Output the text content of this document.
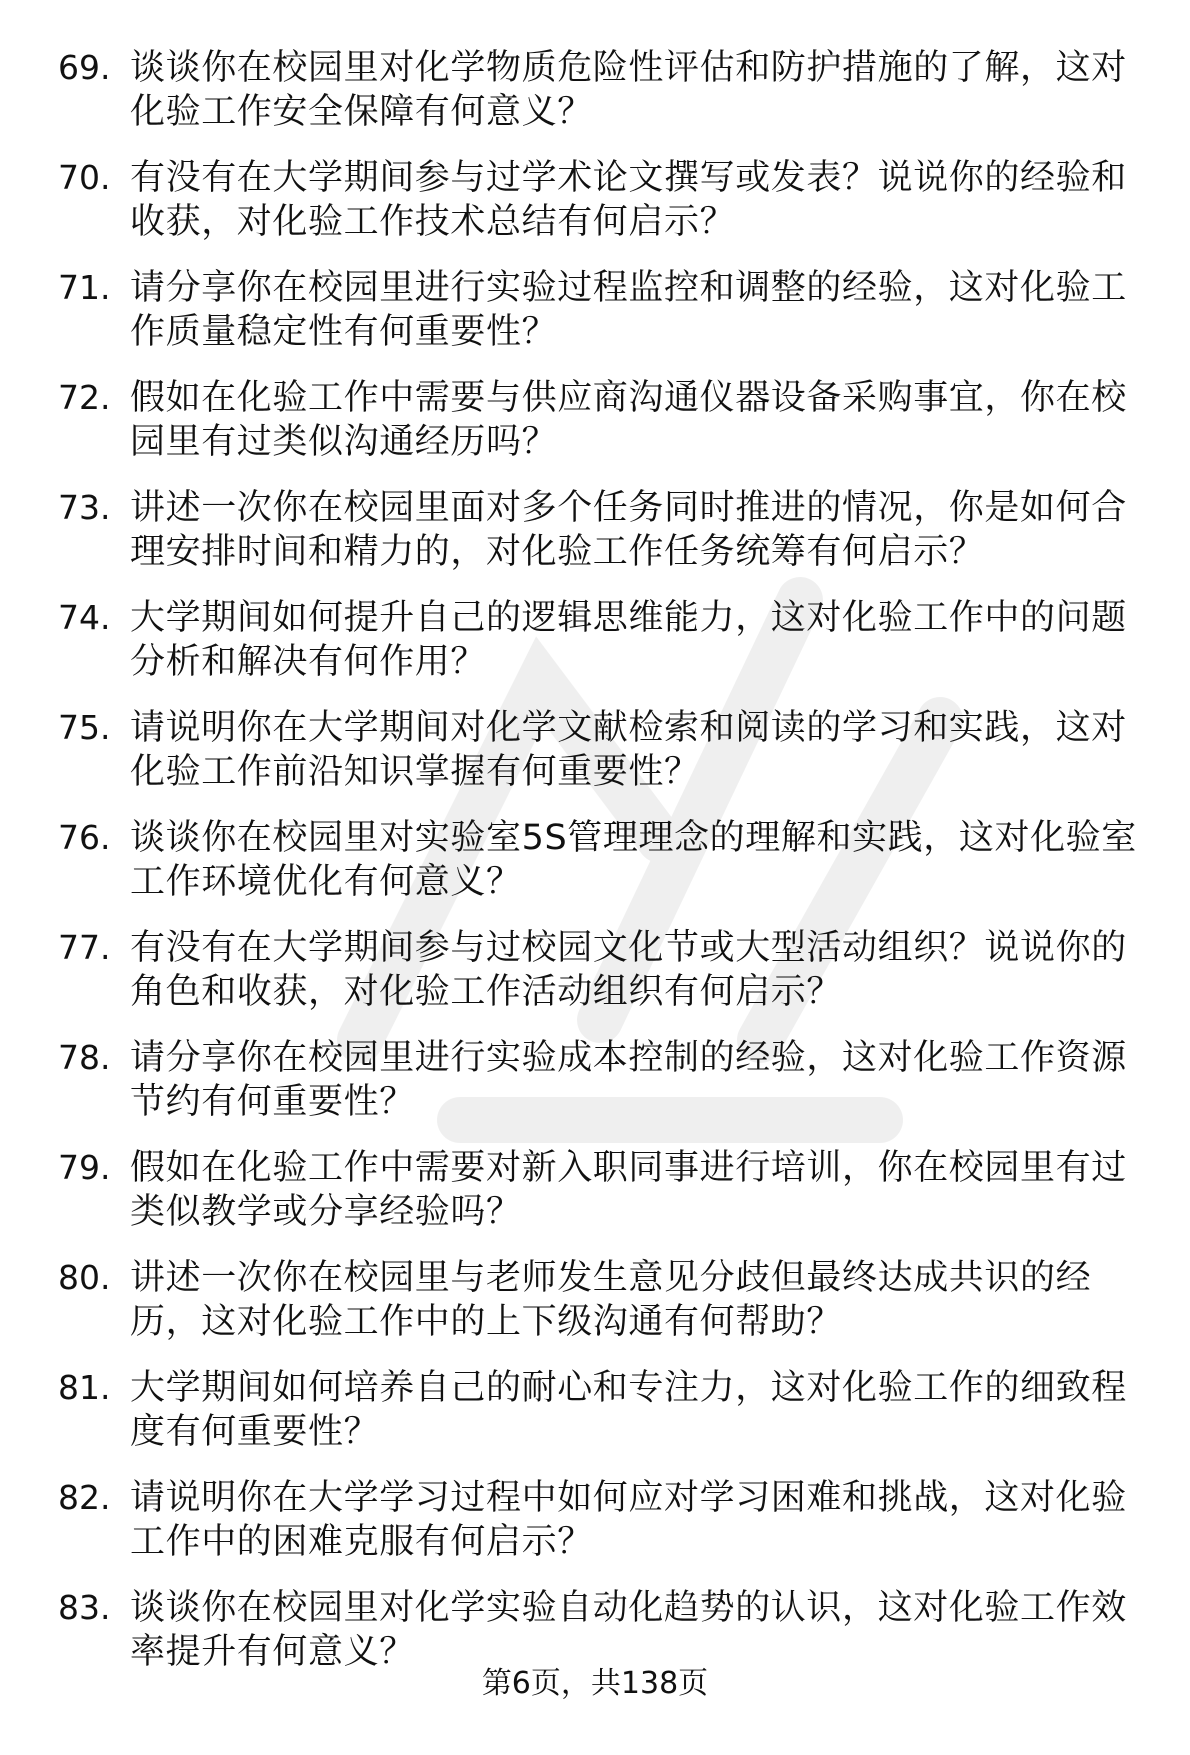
69. 谈谈你在校园里对化学物质危险性评估和防护措施的了解，这对
化验工作安全保障有何意义？
70. 有没有在大学期间参与过学术论文撰写或发表？说说你的经验和
收获，对化验工作技术总结有何启示？
71. 请分享你在校园里进行实验过程监控和调整的经验，这对化验工
作质量稳定性有何重要性？
72. 假如在化验工作中需要与供应商沟通仪器设备采购事宜，你在校
园里有过类似沟通经历吗？
73. 讲述一次你在校园里面对多个任务同时推进的情况，你是如何合
理安排时间和精力的，对化验工作任务统筹有何启示？
74. 大学期间如何提升自己的逻辑思维能力，这对化验工作中的问题
分析和解决有何作用？
75. 请说明你在大学期间对化学文献检索和阅读的学习和实践，这对
化验工作前沿知识掌握有何重要性？
76. 谈谈你在校园里对实验室5S管理理念的理解和实践，这对化验室
工作环境优化有何意义？
77. 有没有在大学期间参与过校园文化节或大型活动组织？说说你的
角色和收获，对化验工作活动组织有何启示？
78. 请分享你在校园里进行实验成本控制的经验，这对化验工作资源
节约有何重要性？
79. 假如在化验工作中需要对新入职同事进行培训，你在校园里有过
类似教学或分享经验吗？
80. 讲述一次你在校园里与老师发生意见分歧但最终达成共识的经
历，这对化验工作中的上下级沟通有何帮助？
81. 大学期间如何培养自己的耐心和专注力，这对化验工作的细致程
度有何重要性？
82. 请说明你在大学学习过程中如何应对学习困难和挑战，这对化验
工作中的困难克服有何启示？
83. 谈谈你在校园里对化学实验自动化趋势的认识，这对化验工作效
率提升有何意义？
第6页，共138页
